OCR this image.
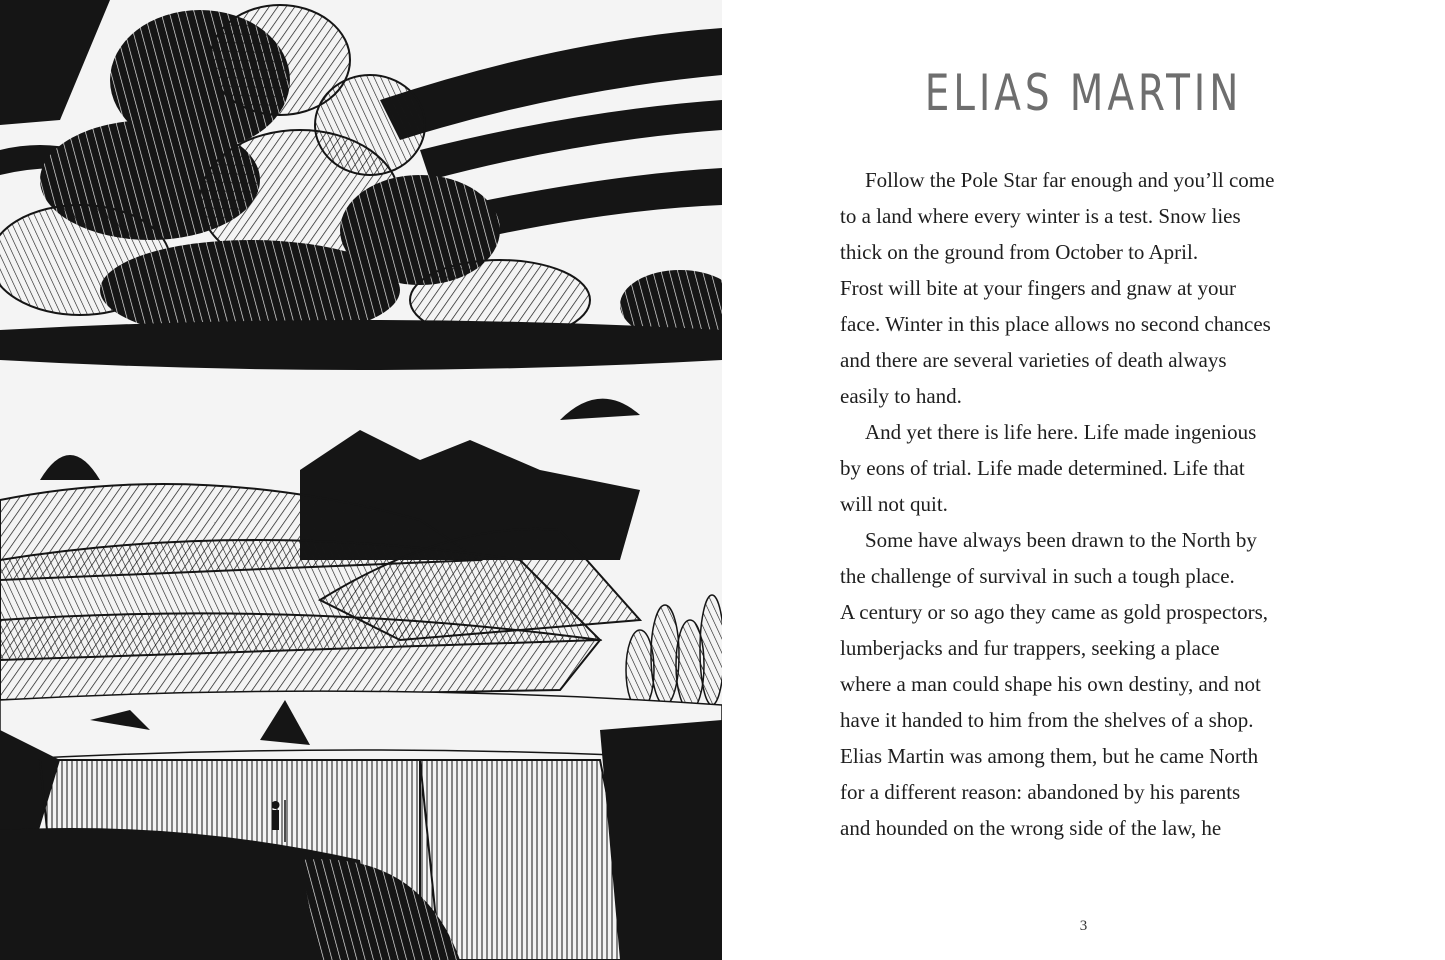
ELIAS MARTIN
Follow the Pole Star far enough and you’ll come
to a land where every winter is a test. Snow lies
thick on the ground from October to April.
Frost will bite at your fingers and gnaw at your
face. Winter in this place allows no second chances
and there are several varieties of death always
easily to hand.
And yet there is life here. Life made ingenious
by eons of trial. Life made determined. Life that
will not quit.
Some have always been drawn to the North by
the challenge of survival in such a tough place.
A century or so ago they came as gold prospectors,
lumberjacks and fur trappers, seeking a place
where a man could shape his own destiny, and not
have it handed to him from the shelves of a shop.
Elias Martin was among them, but he came North
for a different reason: abandoned by his parents
and hounded on the wrong side of the law, he
3
